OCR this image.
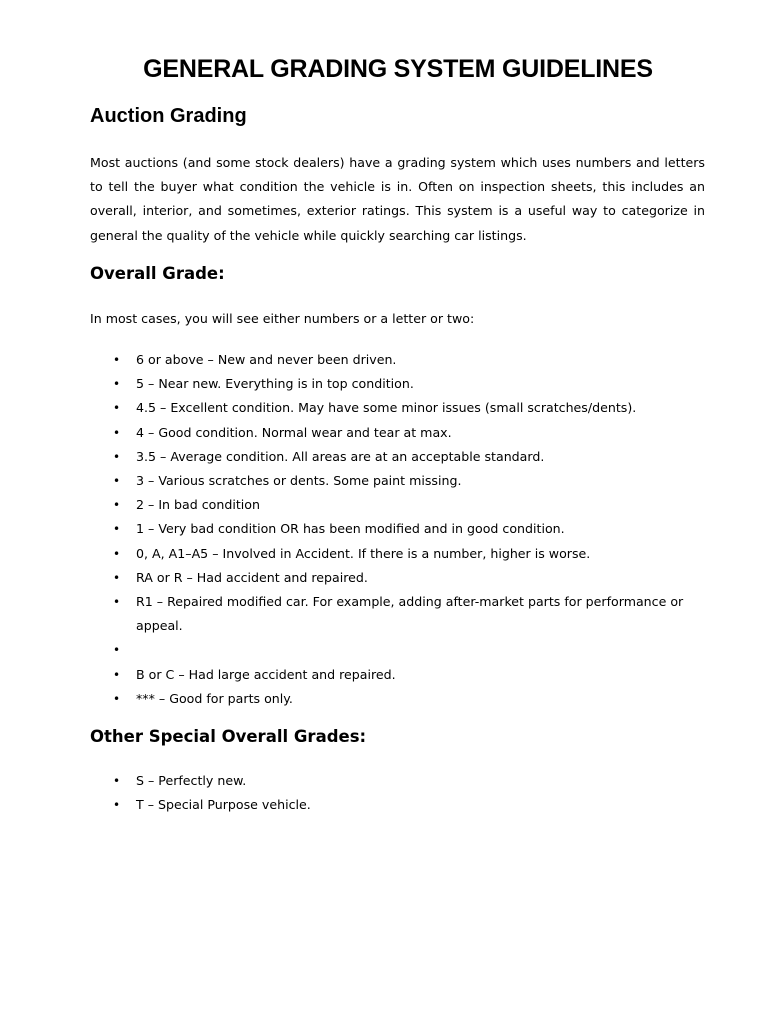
GENERAL GRADING SYSTEM GUIDELINES
Auction Grading

Most auctions (and some stock dealers) have a grading system which uses numbers and letters to tell the buyer what condition the vehicle is in. Often on inspection sheets, this includes an overall, interior, and sometimes, exterior ratings. This system is a useful way to categorize in general the quality of the vehicle while quickly searching car listings.

Overall Grade:

In most cases, you will see either numbers or a letter or two:

• 6 or above – New and never been driven.
• 5 – Near new. Everything is in top condition.
• 4.5 – Excellent condition. May have some minor issues (small scratches/dents).
• 4 – Good condition. Normal wear and tear at max.
• 3.5 – Average condition. All areas are at an acceptable standard.
• 3 – Various scratches or dents. Some paint missing.
• 2 – In bad condition
• 1 – Very bad condition OR has been modified and in good condition.
• 0, A, A1–A5 – Involved in Accident. If there is a number, higher is worse.
• RA or R – Had accident and repaired.
• R1 – Repaired modified car. For example, adding after-market parts for performance or appeal.
•
• B or C – Had large accident and repaired.
• *** – Good for parts only.
Other Special Overall Grades:
• S – Perfectly new.
• T – Special Purpose vehicle.
